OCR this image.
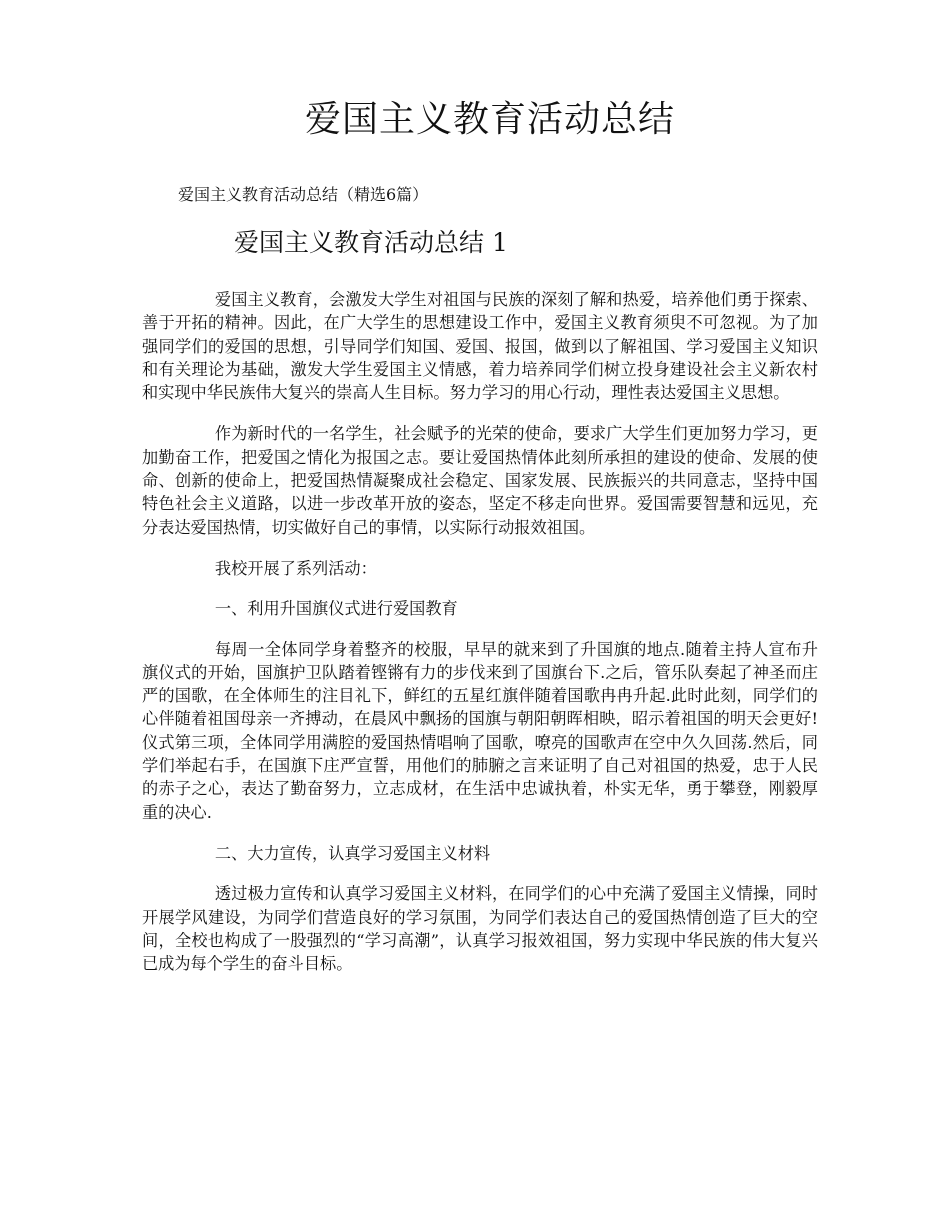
爱国主义教育活动总结

爱国主义教育活动总结（精选6篇）

爱国主义教育活动总结 1

爱国主义教育，会激发大学生对祖国与民族的深刻了解和热爱，培养他们勇于探索、善于开拓的精神。因此，在广大学生的思想建设工作中，爱国主义教育须臾不可忽视。为了加强同学们的爱国的思想，引导同学们知国、爱国、报国，做到以了解祖国、学习爱国主义知识和有关理论为基础，激发大学生爱国主义情感，着力培养同学们树立投身建设社会主义新农村和实现中华民族伟大复兴的崇高人生目标。努力学习的用心行动，理性表达爱国主义思想。

作为新时代的一名学生，社会赋予的光荣的使命，要求广大学生们更加努力学习，更加勤奋工作，把爱国之情化为报国之志。要让爱国热情体此刻所承担的建设的使命、发展的使命、创新的使命上，把爱国热情凝聚成社会稳定、国家发展、民族振兴的共同意志，坚持中国特色社会主义道路，以进一步改革开放的姿态，坚定不移走向世界。爱国需要智慧和远见，充分表达爱国热情，切实做好自己的事情，以实际行动报效祖国。

我校开展了系列活动：

一、利用升国旗仪式进行爱国教育

每周一全体同学身着整齐的校服，早早的就来到了升国旗的地点.随着主持人宣布升旗仪式的开始，国旗护卫队踏着铿锵有力的步伐来到了国旗台下.之后，管乐队奏起了神圣而庄严的国歌，在全体师生的注目礼下，鲜红的五星红旗伴随着国歌冉冉升起.此时此刻，同学们的心伴随着祖国母亲一齐搏动，在晨风中飘扬的国旗与朝阳朝晖相映，昭示着祖国的明天会更好!仪式第三项，全体同学用满腔的爱国热情唱响了国歌，嘹亮的国歌声在空中久久回荡.然后，同学们举起右手，在国旗下庄严宣誓，用他们的肺腑之言来证明了自己对祖国的热爱，忠于人民的赤子之心，表达了勤奋努力，立志成材，在生活中忠诚执着，朴实无华，勇于攀登，刚毅厚重的决心.

二、大力宣传，认真学习爱国主义材料

透过极力宣传和认真学习爱国主义材料，在同学们的心中充满了爱国主义情操，同时开展学风建设，为同学们营造良好的学习氛围，为同学们表达自己的爱国热情创造了巨大的空间，全校也构成了一股强烈的“学习高潮”，认真学习报效祖国，努力实现中华民族的伟大复兴已成为每个学生的奋斗目标。
